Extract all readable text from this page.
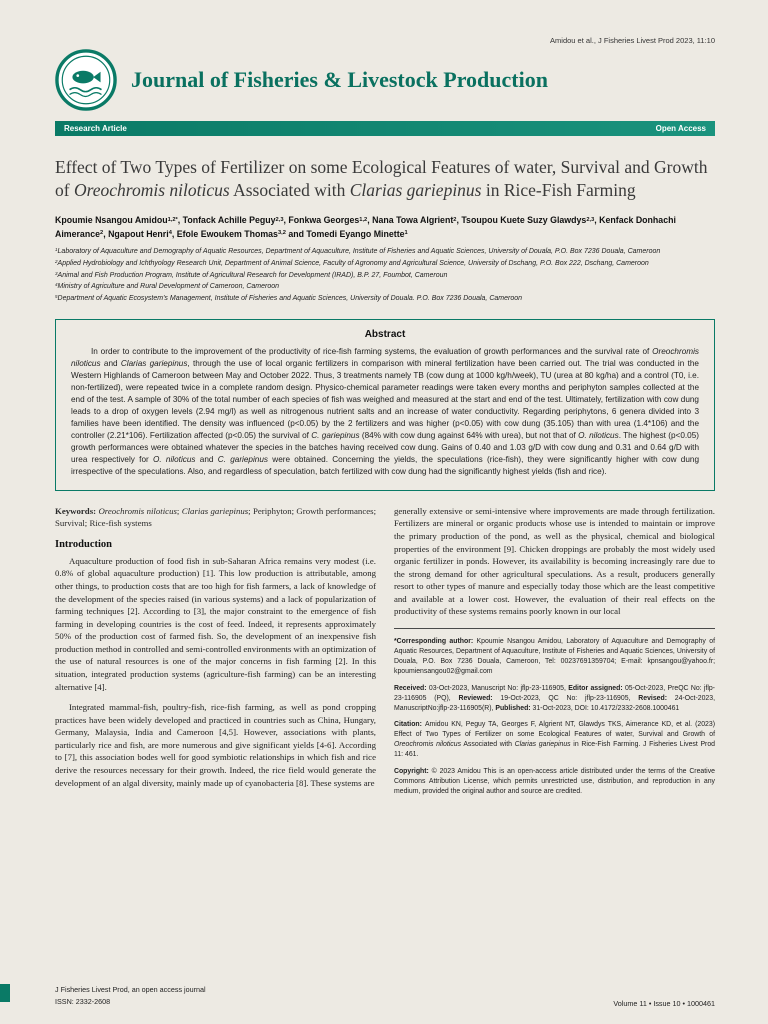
Amidou et al., J Fisheries Livest Prod 2023, 11:10

Journal of Fisheries & Livestock Production
Research Article	Open Access
Effect of Two Types of Fertilizer on some Ecological Features of water, Survival and Growth of Oreochromis niloticus Associated with Clarias gariepinus in Rice-Fish Farming

Kpoumie Nsangou Amidou$^{1,2*}$, Tonfack Achille Peguy$^{2,3}$, Fonkwa Georges$^{1,2}$, Nana Towa Algrient$^2$, Tsoupou Kuete Suzy Glawdys$^{2,3}$, Kenfack Donhachi Aimerance$^2$, Ngapout Henri$^4$, Efole Ewoukem Thomas$^{3,2}$ and Tomedi Eyango Minette$^1$

$^1$Laboratory of Aquaculture and Demography of Aquatic Resources, Department of Aquaculture, Institute of Fisheries and Aquatic Sciences, University of Douala, P.O. Box 7236 Douala, Cameroon

$^2$Applied Hydrobiology and Ichthyology Research Unit, Department of Animal Science, Faculty of Agronomy and Agricultural Science, University of Dschang, P.O. Box 222, Dschang, Cameroon

$^3$Animal and Fish Production Program, Institute of Agricultural Research for Development (IRAD), B.P. 27, Foumbot, Cameroun

$^4$Ministry of Agriculture and Rural Development of Cameroon, Cameroon

$^5$Department of Aquatic Ecosystem's Management, Institute of Fisheries and Aquatic Sciences, University of Douala. P.O. Box 7236 Douala, Cameroon

Abstract

In order to contribute to the improvement of the productivity of rice-fish farming systems, the evaluation of growth performances and the survival rate of Oreochromis niloticus and Clarias gariepinus, through the use of local organic fertilizers in comparison with mineral fertilization have been carried out. The trial was conducted in the Western Highlands of Cameroon between May and October 2022. Thus, 3 treatments namely TB (cow dung at 1000 kg/h/week), TU (urea at 80 kg/ha) and a control (T0, i.e. non-fertilized), were repeated twice in a complete random design. Physico-chemical parameter readings were taken every months and periphyton samples collected at the end of the test. A sample of 30% of the total number of each species of fish was weighed and measured at the start and end of the test. Ultimately, fertilization with cow dung leads to a drop of oxygen levels (2.94 mg/l) as well as nitrogenous nutrient salts and an increase of water conductivity. Regarding periphytons, 6 genera divided into 3 families have been identified. The density was influenced (p<0.05) by the 2 fertilizers and was higher (p<0.05) with cow dung (35.105) than with urea (1.4*106) and the controller (2.21*106). Fertilization affected (p<0.05) the survival of C. gariepinus (84% with cow dung against 64% with urea), but not that of O. niloticus. The highest (p<0.05) growth performances were obtained whatever the species in the batches having received cow dung. Gains of 0.40 and 1.03 g/D with cow dung and 0.31 and 0.64 g/D with urea respectively for O. niloticus and C. gariepinus were obtained. Concerning the yields, the speculations (rice-fish), they were significantly higher with cow dung irrespective of the speculations. Also, and regardless of speculation, batch fertilized with cow dung had the significantly highest yields (fish and rice).

Keywords: Oreochromis niloticus; Clarias gariepinus; Periphyton; Growth performances; Survival; Rice-fish systems

Introduction

Aquaculture production of food fish in sub-Saharan Africa remains very modest (i.e. 0.8% of global aquaculture production) [1]. This low production is attributable, among other things, to production costs that are too high for fish farmers, a lack of knowledge of the development of the species raised (in various systems) and a lack of popularization of farming techniques [2]. According to [3], the major constraint to the emergence of fish farming in developing countries is the cost of feed. Indeed, it represents approximately 50% of the production cost of farmed fish. So, the development of an inexpensive fish production method in controlled and semi-controlled environments with an optimization of the use of natural resources is one of the major concerns in fish farming [2]. In this situation, integrated production systems (agriculture-fish farming) can be an interesting alternative [4].

Integrated mammal-fish, poultry-fish, rice-fish farming, as well as pond cropping practices have been widely developed and practiced in countries such as China, Hungary, Germany, Malaysia, India and Cameroon [4,5]. However, associations with plants, particularly rice and fish, are more numerous and give significant yields [4-6]. According to [7], this association bodes well for good symbiotic relationships in which fish and rice derive the resources necessary for their growth. Indeed, the rice field would generate the development of an algal diversity, mainly made up of cyanobacteria [8]. These systems are

generally extensive or semi-intensive where improvements are made through fertilization. Fertilizers are mineral or organic products whose use is intended to maintain or improve the primary production of the pond, as well as the physical, chemical and biological properties of the environment [9]. Chicken droppings are probably the most widely used organic fertilizer in ponds. However, its availability is becoming increasingly rare due to the strong demand for other agricultural speculations. As a result, producers generally resort to other types of manure and especially today those which are the least competitive and available at a lower cost. However, the evaluation of their real effects on the productivity of these systems remains poorly known in our local

*Corresponding author: Kpoumie Nsangou Amidou, Laboratory of Aquaculture and Demography of Aquatic Resources, Department of Aquaculture, Institute of Fisheries and Aquatic Sciences, University of Douala, P.O. Box 7236 Douala, Cameroon, Tel: 00237691359704; E-mail: kpnsangou@yahoo.fr; kpoumiensangou02@gmail.com

Received: 03-Oct-2023, Manuscript No: jflp-23-116905, Editor assigned: 05-Oct-2023, PreQC No: jflp-23-116905 (PQ), Reviewed: 19-Oct-2023, QC No: jflp-23-116905, Revised: 24-Oct-2023, ManuscriptNo:jflp-23-116905(R), Published: 31-Oct-2023, DOI: 10.4172/2332-2608.1000461

Citation: Amidou KN, Peguy TA, Georges F, Algrient NT, Glawdys TKS, Aimerance KD, et al. (2023) Effect of Two Types of Fertilizer on some Ecological Features of water, Survival and Growth of Oreochromis niloticus Associated with Clarias gariepinus in Rice-Fish Farming. J Fisheries Livest Prod 11: 461.

Copyright: © 2023 Amidou This is an open-access article distributed under the terms of the Creative Commons Attribution License, which permits unrestricted use, distribution, and reproduction in any medium, provided the original author and source are credited.

J Fisheries Livest Prod, an open access journal
ISSN: 2332-2608	Volume 11 • Issue 10 • 1000461
